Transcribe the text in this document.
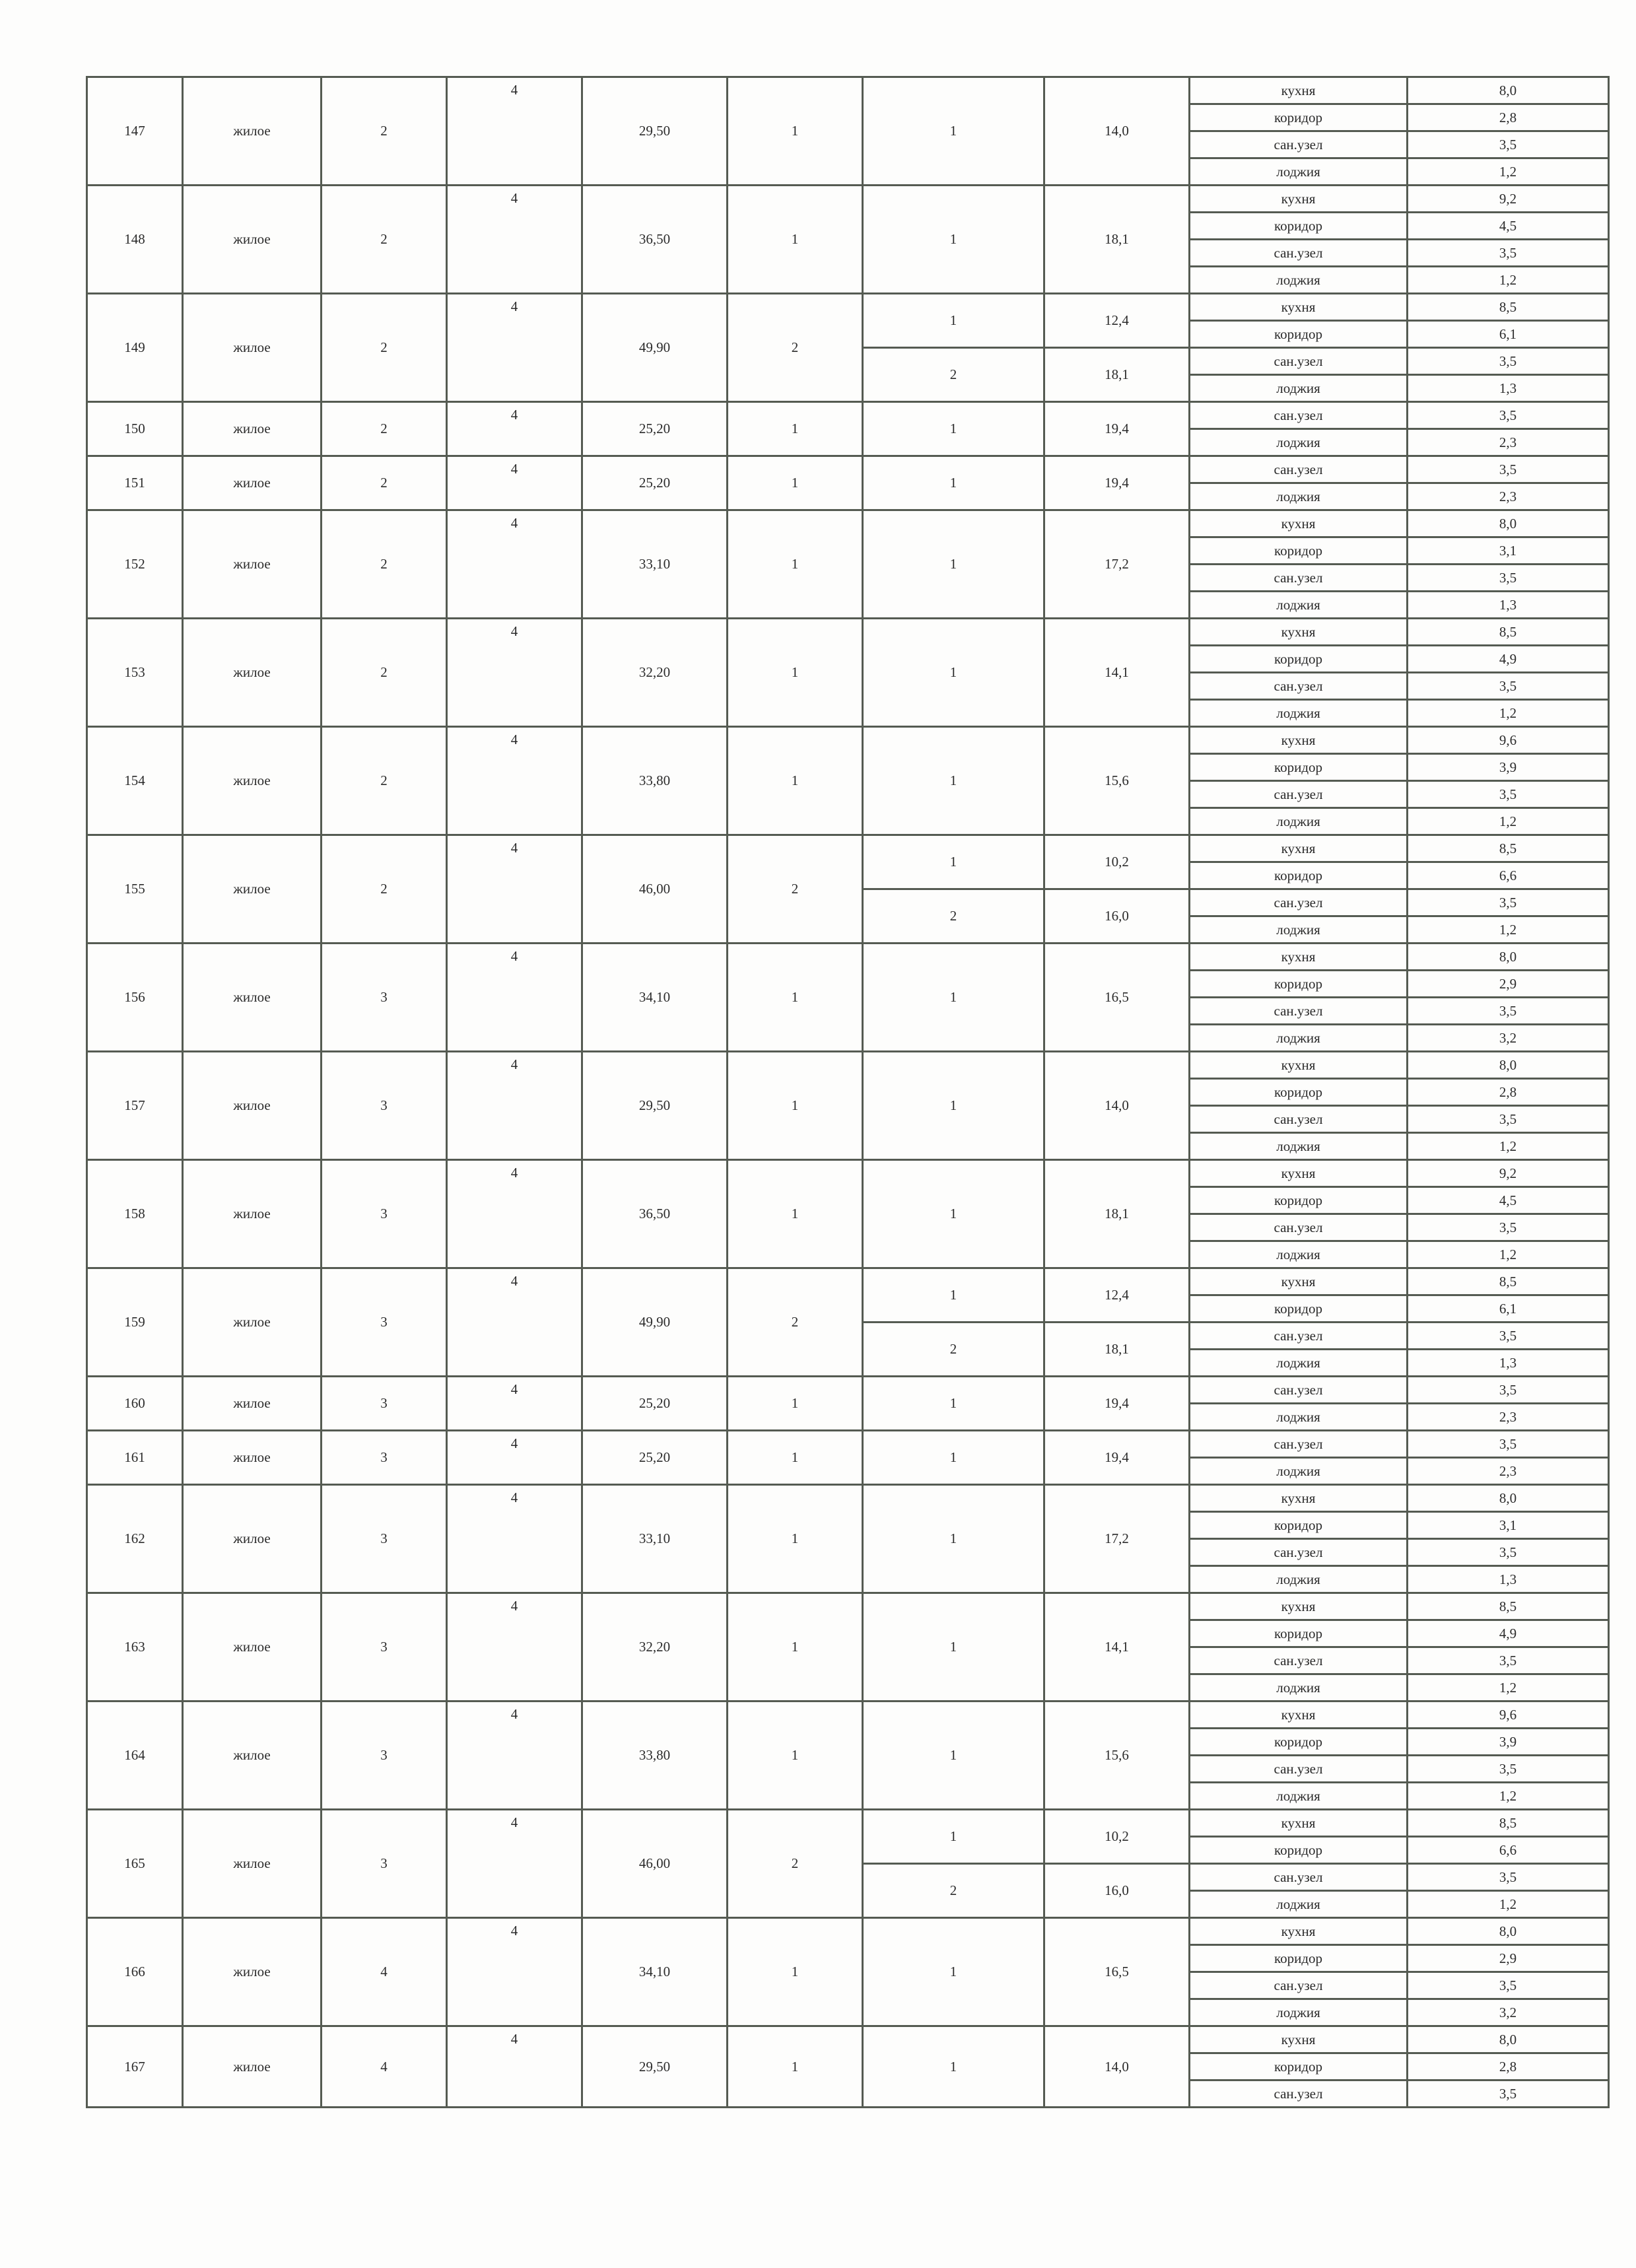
147	жилое	2	4	29,50	1	1	14,0	кухня	8,0
								коридор	2,8
								сан.узел	3,5
								лоджия	1,2
148	жилое	2	4	36,50	1	1	18,1	кухня	9,2
								коридор	4,5
								сан.узел	3,5
								лоджия	1,2
149	жилое	2	4	49,90	2	1	12,4	кухня	8,5
								коридор	6,1
						2	18,1	сан.узел	3,5
								лоджия	1,3
150	жилое	2	4	25,20	1	1	19,4	сан.узел	3,5
								лоджия	2,3
151	жилое	2	4	25,20	1	1	19,4	сан.узел	3,5
								лоджия	2,3
152	жилое	2	4	33,10	1	1	17,2	кухня	8,0
								коридор	3,1
								сан.узел	3,5
								лоджия	1,3
153	жилое	2	4	32,20	1	1	14,1	кухня	8,5
								коридор	4,9
								сан.узел	3,5
								лоджия	1,2
154	жилое	2	4	33,80	1	1	15,6	кухня	9,6
								коридор	3,9
								сан.узел	3,5
								лоджия	1,2
155	жилое	2	4	46,00	2	1	10,2	кухня	8,5
								коридор	6,6
						2	16,0	сан.узел	3,5
								лоджия	1,2
156	жилое	3	4	34,10	1	1	16,5	кухня	8,0
								коридор	2,9
								сан.узел	3,5
								лоджия	3,2
157	жилое	3	4	29,50	1	1	14,0	кухня	8,0
								коридор	2,8
								сан.узел	3,5
								лоджия	1,2
158	жилое	3	4	36,50	1	1	18,1	кухня	9,2
								коридор	4,5
								сан.узел	3,5
								лоджия	1,2
159	жилое	3	4	49,90	2	1	12,4	кухня	8,5
								коридор	6,1
						2	18,1	сан.узел	3,5
								лоджия	1,3
160	жилое	3	4	25,20	1	1	19,4	сан.узел	3,5
								лоджия	2,3
161	жилое	3	4	25,20	1	1	19,4	сан.узел	3,5
								лоджия	2,3
162	жилое	3	4	33,10	1	1	17,2	кухня	8,0
								коридор	3,1
								сан.узел	3,5
								лоджия	1,3
163	жилое	3	4	32,20	1	1	14,1	кухня	8,5
								коридор	4,9
								сан.узел	3,5
								лоджия	1,2
164	жилое	3	4	33,80	1	1	15,6	кухня	9,6
								коридор	3,9
								сан.узел	3,5
								лоджия	1,2
165	жилое	3	4	46,00	2	1	10,2	кухня	8,5
								коридор	6,6
						2	16,0	сан.узел	3,5
								лоджия	1,2
166	жилое	4	4	34,10	1	1	16,5	кухня	8,0
								коридор	2,9
								сан.узел	3,5
								лоджия	3,2
167	жилое	4	4	29,50	1	1	14,0	кухня	8,0
								коридор	2,8
								сан.узел	3,5
